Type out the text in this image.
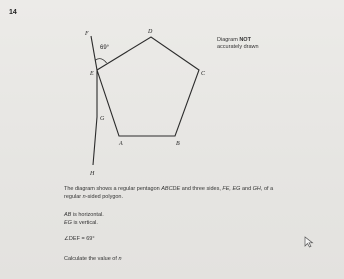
14
F	D
E	C
G
A	B
H
69°
Diagram NOT
accurately drawn
The diagram shows a regular pentagon ABCDE and three sides, FE, EG and GH, of a
regular n-sided polygon.
AB is horizontal.
EG is vertical.
∠DEF = 69°
Calculate the value of n
